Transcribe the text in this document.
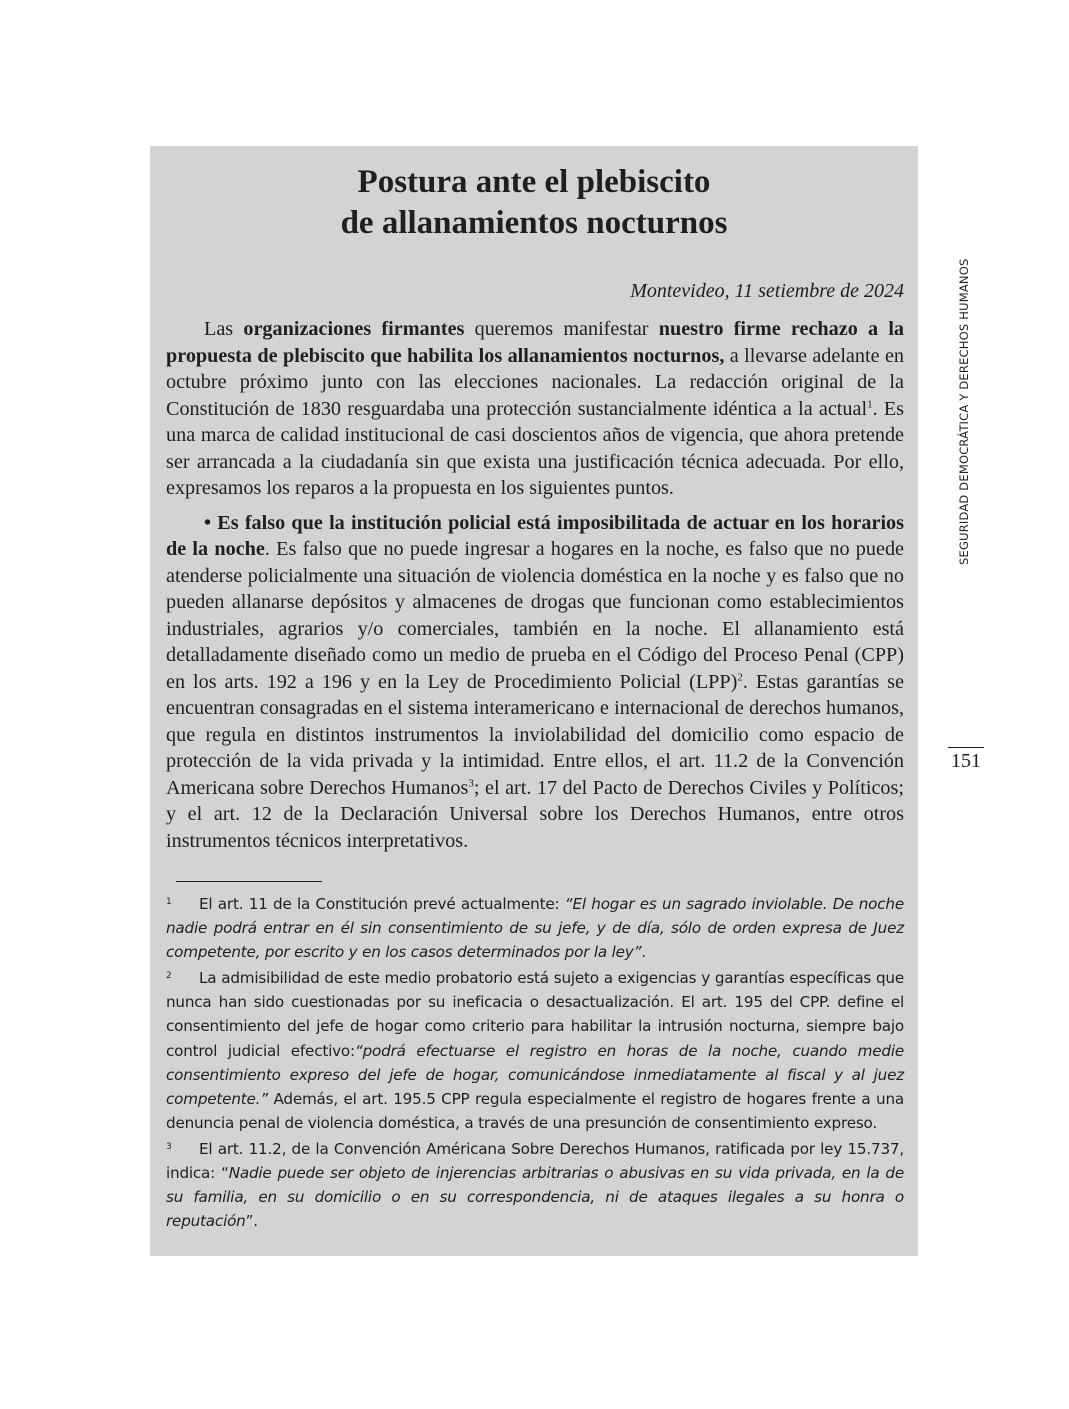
Postura ante el plebiscito
de allanamientos nocturnos
Montevideo, 11 setiembre de 2024

Las organizaciones firmantes queremos manifestar nuestro firme rechazo a la propuesta de plebiscito que habilita los allanamientos nocturnos, a llevarse adelante en octubre próximo junto con las elecciones nacionales. La redacción original de la Constitución de 1830 resguardaba una protección sustancialmente idéntica a la actual$^1$. Es una marca de calidad institucional de casi doscientos años de vigencia, que ahora pretende ser arrancada a la ciudadanía sin que exista una justificación técnica adecuada. Por ello, expresamos los reparos a la propuesta en los siguientes puntos.

• Es falso que la institución policial está imposibilitada de actuar en los horarios de la noche. Es falso que no puede ingresar a hogares en la noche, es falso que no puede atenderse policialmente una situación de violencia doméstica en la noche y es falso que no pueden allanarse depósitos y almacenes de drogas que funcionan como establecimientos industriales, agrarios y/o comerciales, también en la noche. El allanamiento está detalladamente diseñado como un medio de prueba en el Código del Proceso Penal (CPP) en los arts. 192 a 196 y en la Ley de Procedimiento Policial (LPP)$^2$. Estas garantías se encuentran consagradas en el sistema interamericano e internacional de derechos humanos, que regula en distintos instrumentos la inviolabilidad del domicilio como espacio de protección de la vida privada y la intimidad. Entre ellos, el art. 11.2 de la Convención Americana sobre Derechos Humanos$^3$; el art. 17 del Pacto de Derechos Civiles y Políticos; y el art. 12 de la Declaración Universal sobre los Derechos Humanos, entre otros instrumentos técnicos interpretativos.

1 El art. 11 de la Constitución prevé actualmente: “El hogar es un sagrado inviolable. De noche nadie podrá entrar en él sin consentimiento de su jefe, y de día, sólo de orden expresa de Juez competente, por escrito y en los casos determinados por la ley”.

2 La admisibilidad de este medio probatorio está sujeto a exigencias y garantías específicas que nunca han sido cuestionadas por su ineficacia o desactualización. El art. 195 del CPP. define el consentimiento del jefe de hogar como criterio para habilitar la intrusión nocturna, siempre bajo control judicial efectivo:“podrá efectuarse el registro en horas de la noche, cuando medie consentimiento expreso del jefe de hogar, comunicándose inmediatamente al fiscal y al juez competente.” Además, el art. 195.5 CPP regula especialmente el registro de hogares frente a una denuncia penal de violencia doméstica, a través de una presunción de consentimiento expreso.

3 El art. 11.2, de la Convención Américana Sobre Derechos Humanos, ratificada por ley 15.737, indica: “Nadie puede ser objeto de injerencias arbitrarias o abusivas en su vida privada, en la de su familia, en su domicilio o en su correspondencia, ni de ataques ilegales a su honra o reputación”.

SEGURIDAD DEMOCRÁTICA Y DERECHOS HUMANOS
151
